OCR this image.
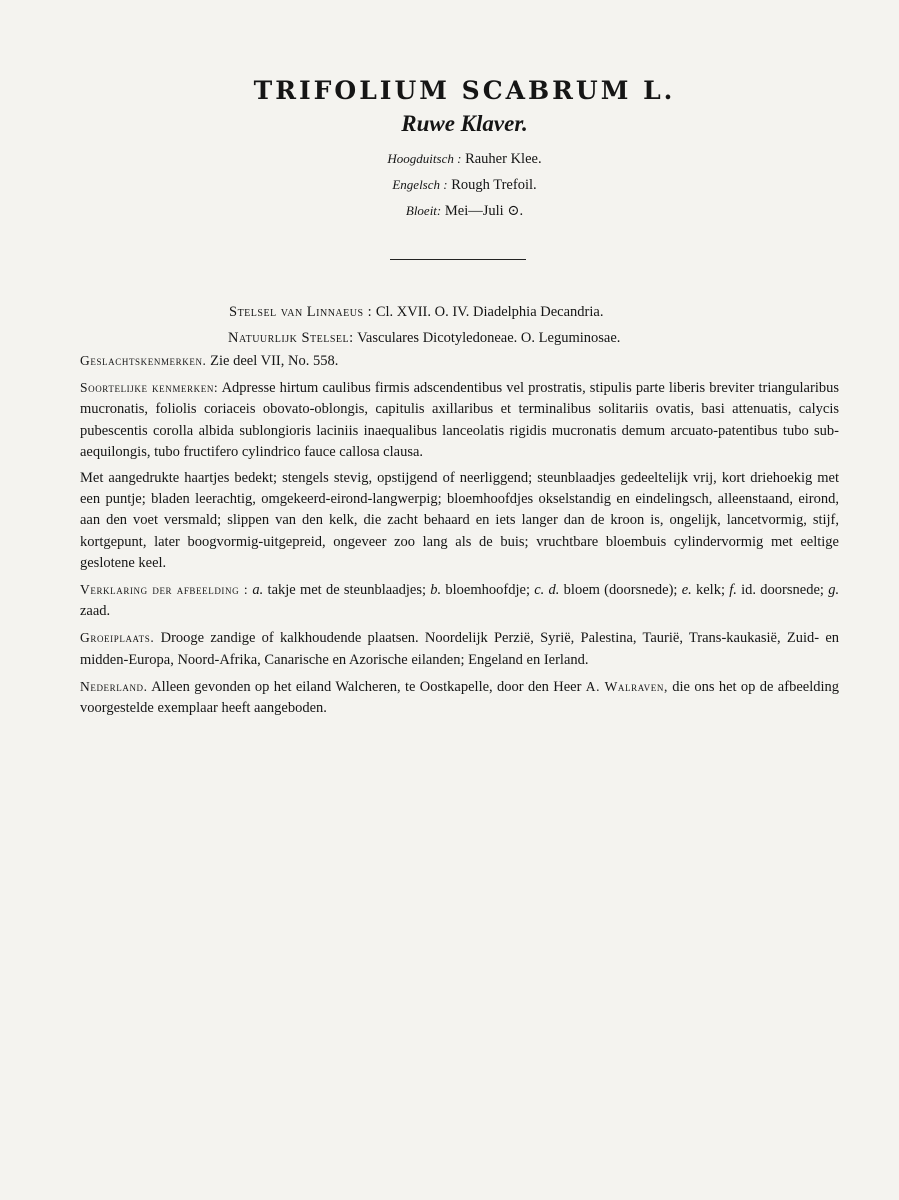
TRIFOLIUM SCABRUM L.
Ruwe Klaver.
Hoogduitsch : Rauher Klee.
Engelsch : Rough Trefoil.
Bloeit: Mei—Juli ⊙.
Stelsel van Linnaeus : Cl. XVII. O. IV. Diadelphia Decandria.
Natuurlijk Stelsel: Vasculares Dicotyledoneae. O. Leguminosae.

Geslachtskenmerken. Zie deel VII, No. 558.

Soortelijke kenmerken: Adpresse hirtum caulibus firmis adscendentibus vel prostratis, stipulis parte liberis breviter triangularibus mucronatis, foliolis coriaceis obovato-oblongis, capitulis axillaribus et terminalibus solitariis ovatis, basi attenuatis, calycis pubescentis corolla albida sublongioris laciniis inaequalibus lanceolatis rigidis mucronatis demum arcuato-patentibus tubo sub-aequilongis, tubo fructifero cylindrico fauce callosa clausa.

Met aangedrukte haartjes bedekt; stengels stevig, opstijgend of neerliggend; steunblaadjes gedeeltelijk vrij, kort driehoekig met een puntje; bladen leerachtig, omgekeerd-eirond-langwerpig; bloemhoofdjes okselstandig en eindelingsch, alleenstaand, eirond, aan den voet versmald; slippen van den kelk, die zacht behaard en iets langer dan de kroon is, ongelijk, lancetvormig, stijf, kortgepunt, later boogvormig-uitgepreid, ongeveer zoo lang als de buis; vruchtbare bloembuis cylindervormig met eeltige geslotene keel.

Verklaring der afbeelding : a. takje met de steunblaadjes; b. bloemhoofdje; c. d. bloem (doorsnede); e. kelk; f. id. doorsnede; g. zaad.

Groeiplaats. Drooge zandige of kalkhoudende plaatsen. Noordelijk Perzië, Syrië, Palestina, Taurië, Trans-kaukasië, Zuid- en midden-Europa, Noord-Afrika, Canarische en Azorische eilanden; Engeland en Ierland.

Nederland. Alleen gevonden op het eiland Walcheren, te Oostkapelle, door den Heer A. Walraven, die ons het op de afbeelding voorgestelde exemplaar heeft aangeboden.
